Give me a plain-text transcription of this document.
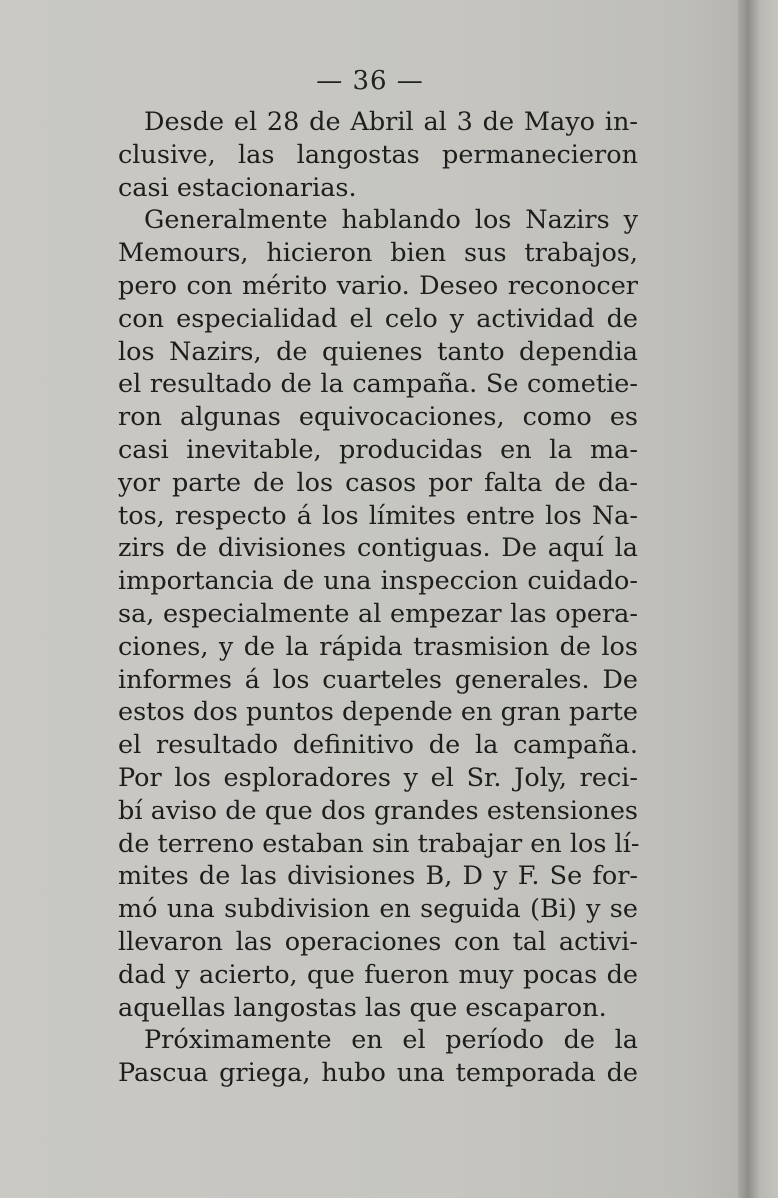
— 36 —
Desde el 28 de Abril al 3 de Mayo in-
clusive, las langostas permanecieron
casi estacionarias.
Generalmente hablando los Nazirs y
Memours, hicieron bien sus trabajos,
pero con mérito vario. Deseo reconocer
con especialidad el celo y actividad de
los Nazirs, de quienes tanto dependia
el resultado de la campaña. Se cometie-
ron algunas equivocaciones, como es
casi inevitable, producidas en la ma-
yor parte de los casos por falta de da-
tos, respecto á los límites entre los Na-
zirs de divisiones contiguas. De aquí la
importancia de una inspeccion cuidado-
sa, especialmente al empezar las opera-
ciones, y de la rápida trasmision de los
informes á los cuarteles generales. De
estos dos puntos depende en gran parte
el resultado definitivo de la campaña.
Por los esploradores y el Sr. Joly, reci-
bí aviso de que dos grandes estensiones
de terreno estaban sin trabajar en los lí-
mites de las divisiones B, D y F. Se for-
mó una subdivision en seguida (Bi) y se
llevaron las operaciones con tal activi-
dad y acierto, que fueron muy pocas de
aquellas langostas las que escaparon.
Próximamente en el período de la
Pascua griega, hubo una temporada de
